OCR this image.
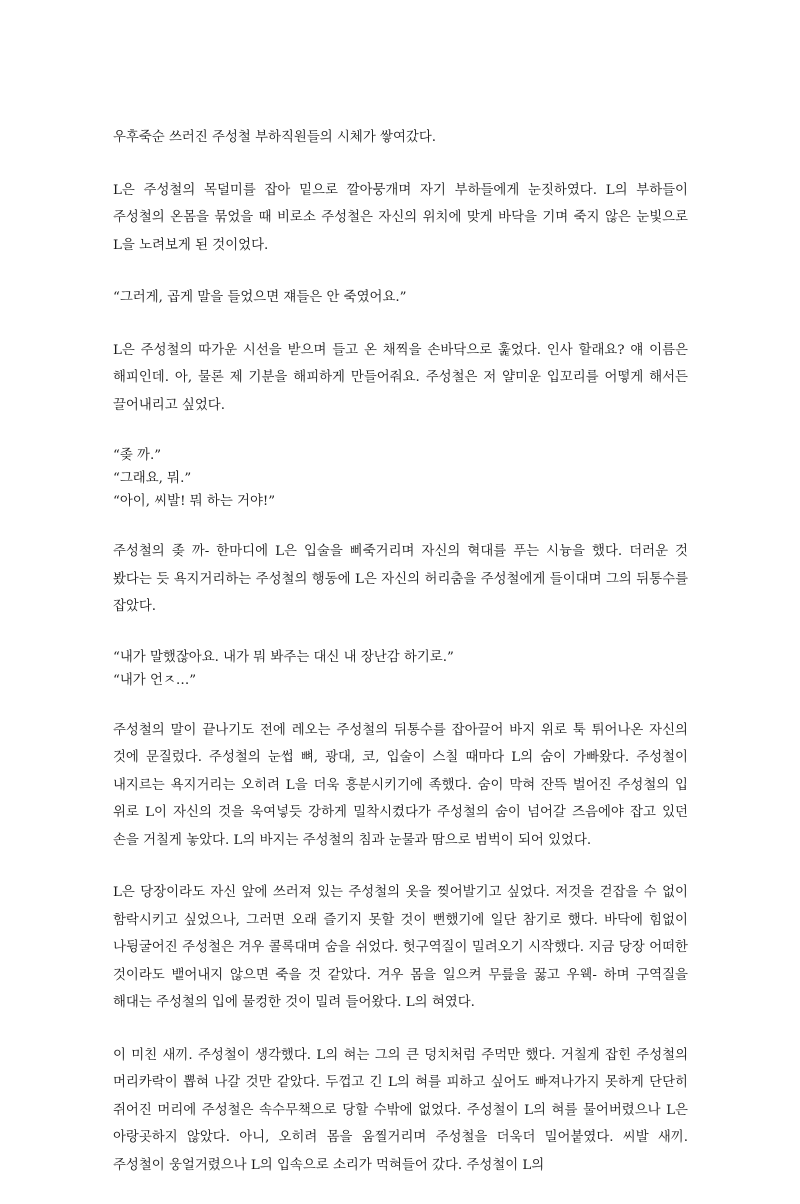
우후죽순 쓰러진 주성철 부하직원들의 시체가 쌓여갔다.

L은 주성철의 목덜미를 잡아 밑으로 깔아뭉개며 자기 부하들에게 눈짓하였다. L의 부하들이 주성철의 온몸을 묶었을 때 비로소 주성철은 자신의 위치에 맞게 바닥을 기며 죽지 않은 눈빛으로 L을 노려보게 된 것이었다.

“그러게, 곱게 말을 들었으면 쟤들은 안 죽였어요.”

L은 주성철의 따가운 시선을 받으며 들고 온 채찍을 손바닥으로 훑었다. 인사 할래요? 얘 이름은 해피인데. 아, 물론 제 기분을 해피하게 만들어줘요. 주성철은 저 얄미운 입꼬리를 어떻게 해서든 끌어내리고 싶었다.

“좆 까.”

“그래요, 뭐.”

“아이, 씨발! 뭐 하는 거야!”

주성철의 좆 까- 한마디에 L은 입술을 삐죽거리며 자신의 혁대를 푸는 시늉을 했다. 더러운 것 봤다는 듯 욕지거리하는 주성철의 행동에 L은 자신의 허리춤을 주성철에게 들이대며 그의 뒤통수를 잡았다.

“내가 말했잖아요. 내가 뭐 봐주는 대신 내 장난감 하기로.”

“내가 언ㅈ…”

주성철의 말이 끝나기도 전에 레오는 주성철의 뒤통수를 잡아끌어 바지 위로 툭 튀어나온 자신의 것에 문질렀다. 주성철의 눈썹 뼈, 광대, 코, 입술이 스칠 때마다 L의 숨이 가빠왔다. 주성철이 내지르는 욕지거리는 오히려 L을 더욱 흥분시키기에 족했다. 숨이 막혀 잔뜩 벌어진 주성철의 입 위로 L이 자신의 것을 욱여넣듯 강하게 밀착시켰다가 주성철의 숨이 넘어갈 즈음에야 잡고 있던 손을 거칠게 놓았다. L의 바지는 주성철의 침과 눈물과 땀으로 범벅이 되어 있었다.

L은 당장이라도 자신 앞에 쓰러져 있는 주성철의 옷을 찢어발기고 싶었다. 저것을 걷잡을 수 없이 함락시키고 싶었으나, 그러면 오래 즐기지 못할 것이 뻔했기에 일단 참기로 했다. 바닥에 힘없이 나뒹굴어진 주성철은 겨우 콜록대며 숨을 쉬었다. 헛구역질이 밀려오기 시작했다. 지금 당장 어떠한 것이라도 뱉어내지 않으면 죽을 것 같았다. 겨우 몸을 일으켜 무릎을 꿇고 우웩- 하며 구역질을 해대는 주성철의 입에 물컹한 것이 밀려 들어왔다. L의 혀였다.

이 미친 새끼. 주성철이 생각했다. L의 혀는 그의 큰 덩치처럼 주먹만 했다. 거칠게 잡힌 주성철의 머리카락이 뽑혀 나갈 것만 같았다. 두껍고 긴 L의 혀를 피하고 싶어도 빠져나가지 못하게 단단히 쥐어진 머리에 주성철은 속수무책으로 당할 수밖에 없었다. 주성철이 L의 혀를 물어버렸으나 L은 아랑곳하지 않았다. 아니, 오히려 몸을 움찔거리며 주성철을 더욱더 밀어붙였다. 씨발 새끼. 주성철이 웅얼거렸으나 L의 입속으로 소리가 먹혀들어 갔다. 주성철이 L의
